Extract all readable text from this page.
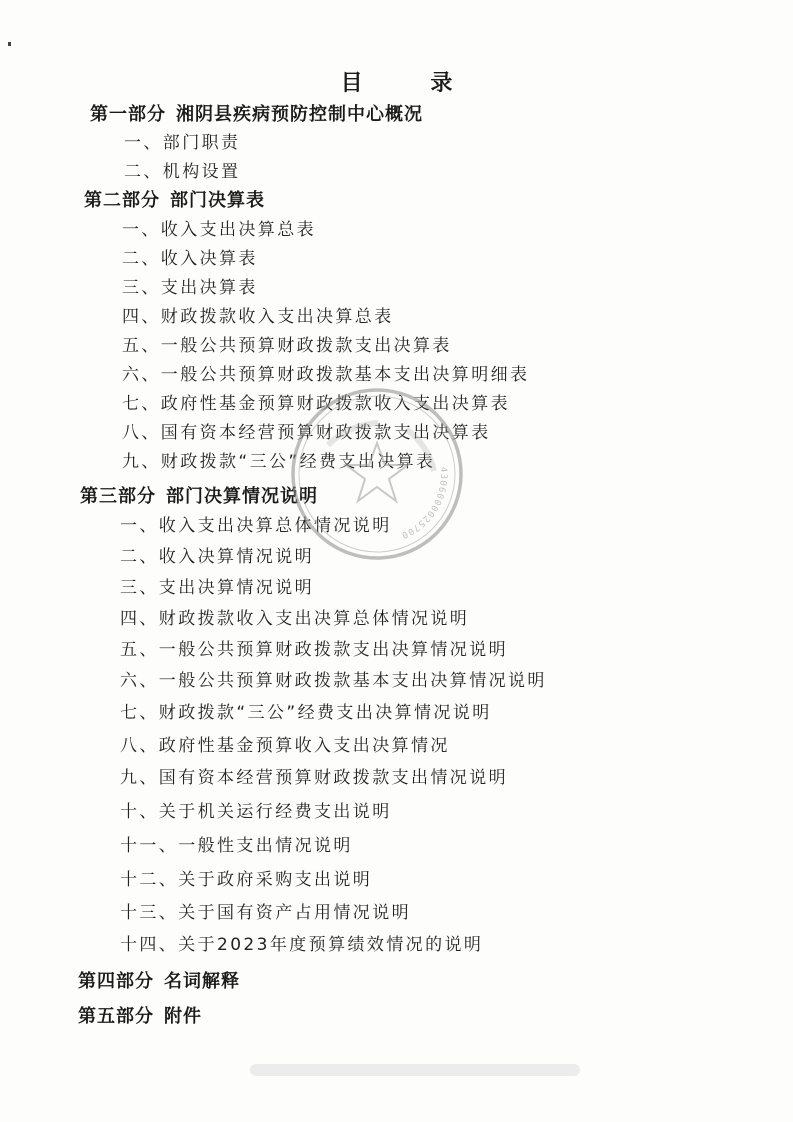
目 录
第一部分 湘阴县疾病预防控制中心概况
一、部门职责
二、机构设置
第二部分 部门决算表
一、收入支出决算总表
二、收入决算表
三、支出决算表
四、财政拨款收入支出决算总表
五、一般公共预算财政拨款支出决算表
六、一般公共预算财政拨款基本支出决算明细表
七、政府性基金预算财政拨款收入支出决算表
八、国有资本经营预算财政拨款支出决算表
九、财政拨款“三公”经费支出决算表
第三部分 部门决算情况说明
一、收入支出决算总体情况说明
二、收入决算情况说明
三、支出决算情况说明
四、财政拨款收入支出决算总体情况说明
五、一般公共预算财政拨款支出决算情况说明
六、一般公共预算财政拨款基本支出决算情况说明
七、财政拨款“三公”经费支出决算情况说明
八、政府性基金预算收入支出决算情况
九、国有资本经营预算财政拨款支出情况说明
十、关于机关运行经费支出说明
十一、一般性支出情况说明
十二、关于政府采购支出说明
十三、关于国有资产占用情况说明
十四、关于2023年度预算绩效情况的说明
第四部分 名词解释
第五部分 附件
4306000025700
